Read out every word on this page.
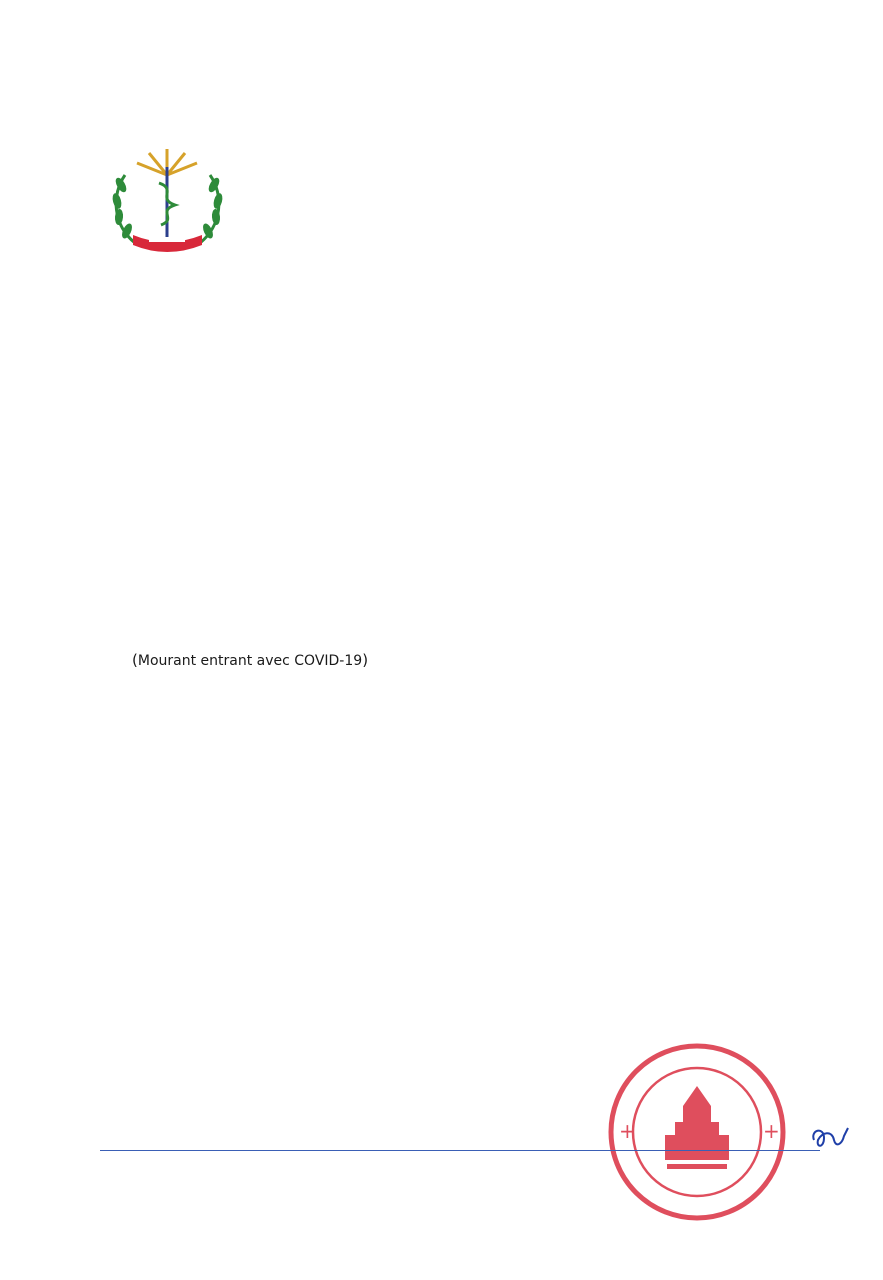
(Mourant entrant avec COVID-19)

+	+
